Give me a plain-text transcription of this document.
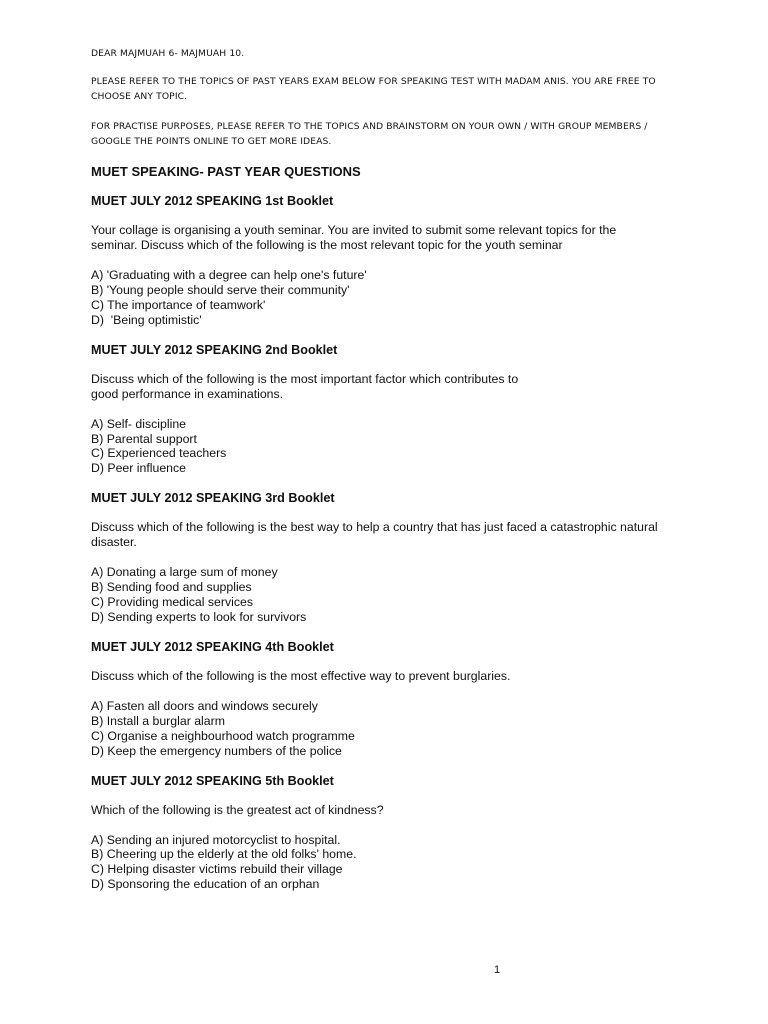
DEAR MAJMUAH 6- MAJMUAH 10.

PLEASE REFER TO THE TOPICS OF PAST YEARS EXAM BELOW FOR SPEAKING TEST WITH MADAM ANIS. YOU ARE FREE TO
CHOOSE ANY TOPIC.

FOR PRACTISE PURPOSES, PLEASE REFER TO THE TOPICS AND BRAINSTORM ON YOUR OWN / WITH GROUP MEMBERS /
GOOGLE THE POINTS ONLINE TO GET MORE IDEAS.

MUET SPEAKING- PAST YEAR QUESTIONS
MUET JULY 2012 SPEAKING 1st Booklet
Your collage is organising a youth seminar. You are invited to submit some relevant topics for the
seminar. Discuss which of the following is the most relevant topic for the youth seminar
A) 'Graduating with a degree can help one's future'
B) 'Young people should serve their community'
C) The importance of teamwork'
D)  'Being optimistic'
MUET JULY 2012 SPEAKING 2nd Booklet
Discuss which of the following is the most important factor which contributes to
good performance in examinations.
A) Self- discipline
B) Parental support
C) Experienced teachers
D) Peer influence
MUET JULY 2012 SPEAKING 3rd Booklet
Discuss which of the following is the best way to help a country that has just faced a catastrophic natural
disaster.
A) Donating a large sum of money
B) Sending food and supplies
C) Providing medical services
D) Sending experts to look for survivors
MUET JULY 2012 SPEAKING 4th Booklet
Discuss which of the following is the most effective way to prevent burglaries.
A) Fasten all doors and windows securely
B) Install a burglar alarm
C) Organise a neighbourhood watch programme
D) Keep the emergency numbers of the police
MUET JULY 2012 SPEAKING 5th Booklet
Which of the following is the greatest act of kindness?
A) Sending an injured motorcyclist to hospital.
B) Cheering up the elderly at the old folks' home.
C) Helping disaster victims rebuild their village
D) Sponsoring the education of an orphan
1
